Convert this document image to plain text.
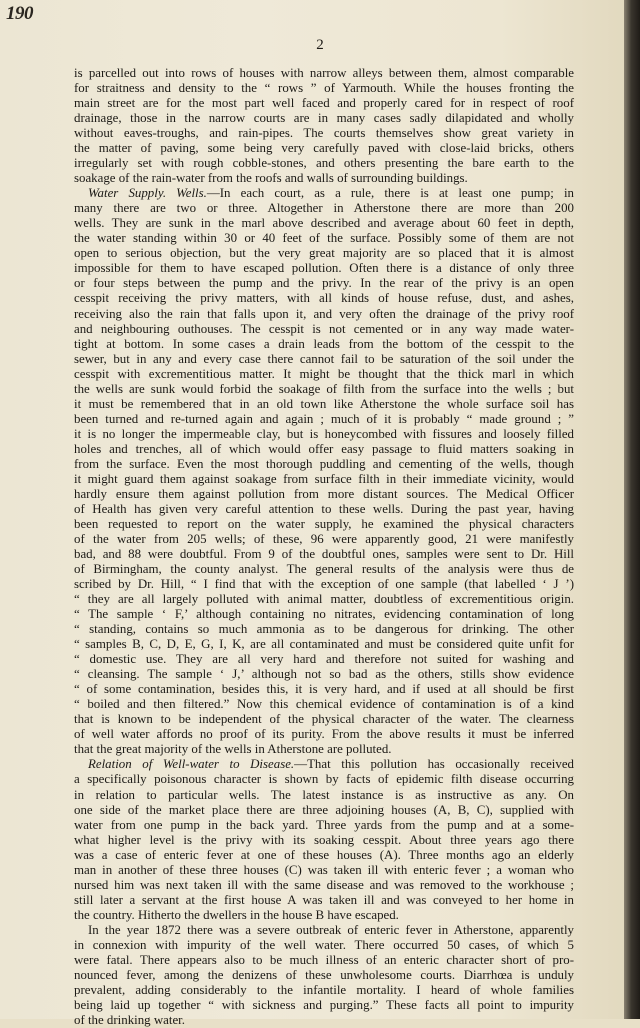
190
2
is parcelled out into rows of houses with narrow alleys between them, almost comparable
for straitness and density to the “ rows ” of Yarmouth. While the houses fronting the
main street are for the most part well faced and properly cared for in respect of roof
drainage, those in the narrow courts are in many cases sadly dilapidated and wholly
without eaves-troughs, and rain-pipes. The courts themselves show great variety in
the matter of paving, some being very carefully paved with close-laid bricks, others
irregularly set with rough cobble-stones, and others presenting the bare earth to the
soakage of the rain-water from the roofs and walls of surrounding buildings.
Water Supply. Wells.—In each court, as a rule, there is at least one pump; in
many there are two or three. Altogether in Atherstone there are more than 200
wells. They are sunk in the marl above described and average about 60 feet in depth,
the water standing within 30 or 40 feet of the surface. Possibly some of them are not
open to serious objection, but the very great majority are so placed that it is almost
impossible for them to have escaped pollution. Often there is a distance of only three
or four steps between the pump and the privy. In the rear of the privy is an open
cesspit receiving the privy matters, with all kinds of house refuse, dust, and ashes,
receiving also the rain that falls upon it, and very often the drainage of the privy roof
and neighbouring outhouses. The cesspit is not cemented or in any way made water-
tight at bottom. In some cases a drain leads from the bottom of the cesspit to the
sewer, but in any and every case there cannot fail to be saturation of the soil under the
cesspit with excrementitious matter. It might be thought that the thick marl in which
the wells are sunk would forbid the soakage of filth from the surface into the wells ; but
it must be remembered that in an old town like Atherstone the whole surface soil has
been turned and re-turned again and again ; much of it is probably “ made ground ; ”
it is no longer the impermeable clay, but is honeycombed with fissures and loosely filled
holes and trenches, all of which would offer easy passage to fluid matters soaking in
from the surface. Even the most thorough puddling and cementing of the wells, though
it might guard them against soakage from surface filth in their immediate vicinity, would
hardly ensure them against pollution from more distant sources. The Medical Officer
of Health has given very careful attention to these wells. During the past year, having
been requested to report on the water supply, he examined the physical characters
of the water from 205 wells; of these, 96 were apparently good, 21 were manifestly
bad, and 88 were doubtful. From 9 of the doubtful ones, samples were sent to Dr. Hill
of Birmingham, the county analyst. The general results of the analysis were thus de
scribed by Dr. Hill, “ I find that with the exception of one sample (that labelled ‘ J ’)
“ they are all largely polluted with animal matter, doubtless of excrementitious origin.
“ The sample ‘ F,’ although containing no nitrates, evidencing contamination of long
“ standing, contains so much ammonia as to be dangerous for drinking. The other
“ samples B, C, D, E, G, I, K, are all contaminated and must be considered quite unfit for
“ domestic use. They are all very hard and therefore not suited for washing and
“ cleansing. The sample ‘ J,’ although not so bad as the others, stills show evidence
“ of some contamination, besides this, it is very hard, and if used at all should be first
“ boiled and then filtered.” Now this chemical evidence of contamination is of a kind
that is known to be independent of the physical character of the water. The clearness
of well water affords no proof of its purity. From the above results it must be inferred
that the great majority of the wells in Atherstone are polluted.
Relation of Well-water to Disease.—That this pollution has occasionally received
a specifically poisonous character is shown by facts of epidemic filth disease occurring
in relation to particular wells. The latest instance is as instructive as any. On
one side of the market place there are three adjoining houses (A, B, C), supplied with
water from one pump in the back yard. Three yards from the pump and at a some-
what higher level is the privy with its soaking cesspit. About three years ago there
was a case of enteric fever at one of these houses (A). Three months ago an elderly
man in another of these three houses (C) was taken ill with enteric fever ; a woman who
nursed him was next taken ill with the same disease and was removed to the workhouse ;
still later a servant at the first house A was taken ill and was conveyed to her home in
the country. Hitherto the dwellers in the house B have escaped.
In the year 1872 there was a severe outbreak of enteric fever in Atherstone, apparently
in connexion with impurity of the well water. There occurred 50 cases, of which 5
were fatal. There appears also to be much illness of an enteric character short of pro-
nounced fever, among the denizens of these unwholesome courts. Diarrhœa is unduly
prevalent, adding considerably to the infantile mortality. I heard of whole families
being laid up together “ with sickness and purging.” These facts all point to impurity
of the drinking water.
